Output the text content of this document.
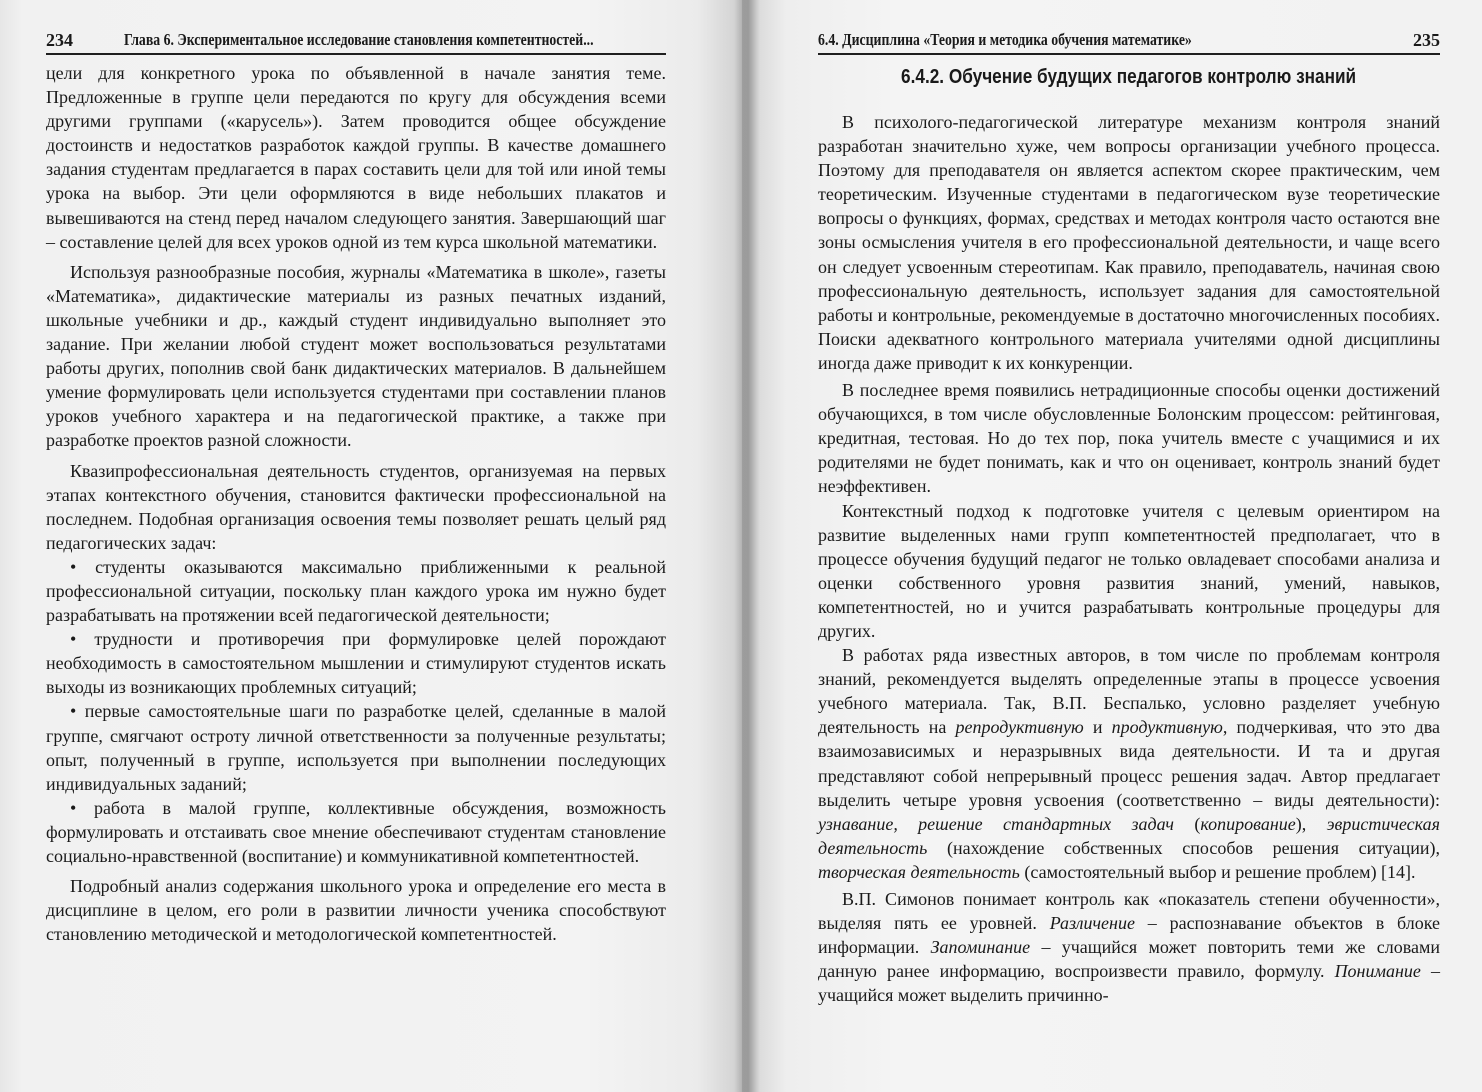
234	Глава 6. Экспериментальное исследование становления компетентностей...

цели для конкретного урока по объявленной в начале занятия теме. Предложенные в группе цели передаются по кругу для обсуждения всеми другими группами («карусель»). Затем проводится общее обсуждение достоинств и недостатков разработок каждой группы. В качестве домашнего задания студентам предлагается в парах составить цели для той или иной темы урока на выбор. Эти цели оформляются в виде небольших плакатов и вывешиваются на стенд перед началом следующего занятия. Завершающий шаг – составление целей для всех уроков одной из тем курса школьной математики.

Используя разнообразные пособия, журналы «Математика в школе», газеты «Математика», дидактические материалы из разных печатных изданий, школьные учебники и др., каждый студент индивидуально выполняет это задание. При желании любой студент может воспользоваться результатами работы других, пополнив свой банк дидактических материалов. В дальнейшем умение формулировать цели используется студентами при составлении планов уроков учебного характера и на педагогической практике, а также при разработке проектов разной сложности.

Квазипрофессиональная деятельность студентов, организуемая на первых этапах контекстного обучения, становится фактически профессиональной на последнем. Подобная организация освоения темы позволяет решать целый ряд педагогических задач:

• студенты оказываются максимально приближенными к реальной профессиональной ситуации, поскольку план каждого урока им нужно будет разрабатывать на протяжении всей педагогической деятельности;

• трудности и противоречия при формулировке целей порождают необходимость в самостоятельном мышлении и стимулируют студентов искать выходы из возникающих проблемных ситуаций;

• первые самостоятельные шаги по разработке целей, сделанные в малой группе, смягчают остроту личной ответственности за полученные результаты; опыт, полученный в группе, используется при выполнении последующих индивидуальных заданий;

• работа в малой группе, коллективные обсуждения, возможность формулировать и отстаивать свое мнение обеспечивают студентам становление социально-нравственной (воспитание) и коммуникативной компетентностей.

Подробный анализ содержания школьного урока и определение его места в дисциплине в целом, его роли в развитии личности ученика способствуют становлению методической и методологической компетентностей.

6.4. Дисциплина «Теория и методика обучения математике»	235
6.4.2. Обучение будущих педагогов контролю знаний

В психолого-педагогической литературе механизм контроля знаний разработан значительно хуже, чем вопросы организации учебного процесса. Поэтому для преподавателя он является аспектом скорее практическим, чем теоретическим. Изученные студентами в педагогическом вузе теоретические вопросы о функциях, формах, средствах и методах контроля часто остаются вне зоны осмысления учителя в его профессиональной деятельности, и чаще всего он следует усвоенным стереотипам. Как правило, преподаватель, начиная свою профессиональную деятельность, использует задания для самостоятельной работы и контрольные, рекомендуемые в достаточно многочисленных пособиях. Поиски адекватного контрольного материала учителями одной дисциплины иногда даже приводит к их конкуренции.

В последнее время появились нетрадиционные способы оценки достижений обучающихся, в том числе обусловленные Болонским процессом: рейтинговая, кредитная, тестовая. Но до тех пор, пока учитель вместе с учащимися и их родителями не будет понимать, как и что он оценивает, контроль знаний будет неэффективен.

Контекстный подход к подготовке учителя с целевым ориентиром на развитие выделенных нами групп компетентностей предполагает, что в процессе обучения будущий педагог не только овладевает способами анализа и оценки собственного уровня развития знаний, умений, навыков, компетентностей, но и учится разрабатывать контрольные процедуры для других.

В работах ряда известных авторов, в том числе по проблемам контроля знаний, рекомендуется выделять определенные этапы в процессе усвоения учебного материала. Так, В.П. Беспалько, условно разделяет учебную деятельность на репродуктивную и продуктивную, подчеркивая, что это два взаимозависимых и неразрывных вида деятельности. И та и другая представляют собой непрерывный процесс решения задач. Автор предлагает выделить четыре уровня усвоения (соответственно – виды деятельности): узнавание, решение стандартных задач (копирование), эвристическая деятельность (нахождение собственных способов решения ситуации), творческая деятельность (самостоятельный выбор и решение проблем) [14].

В.П. Симонов понимает контроль как «показатель степени обученности», выделяя пять ее уровней. Различение – распознавание объектов в блоке информации. Запоминание – учащийся может повторить теми же словами данную ранее информацию, воспроизвести правило, формулу. Понимание – учащийся может выделить причинно-
